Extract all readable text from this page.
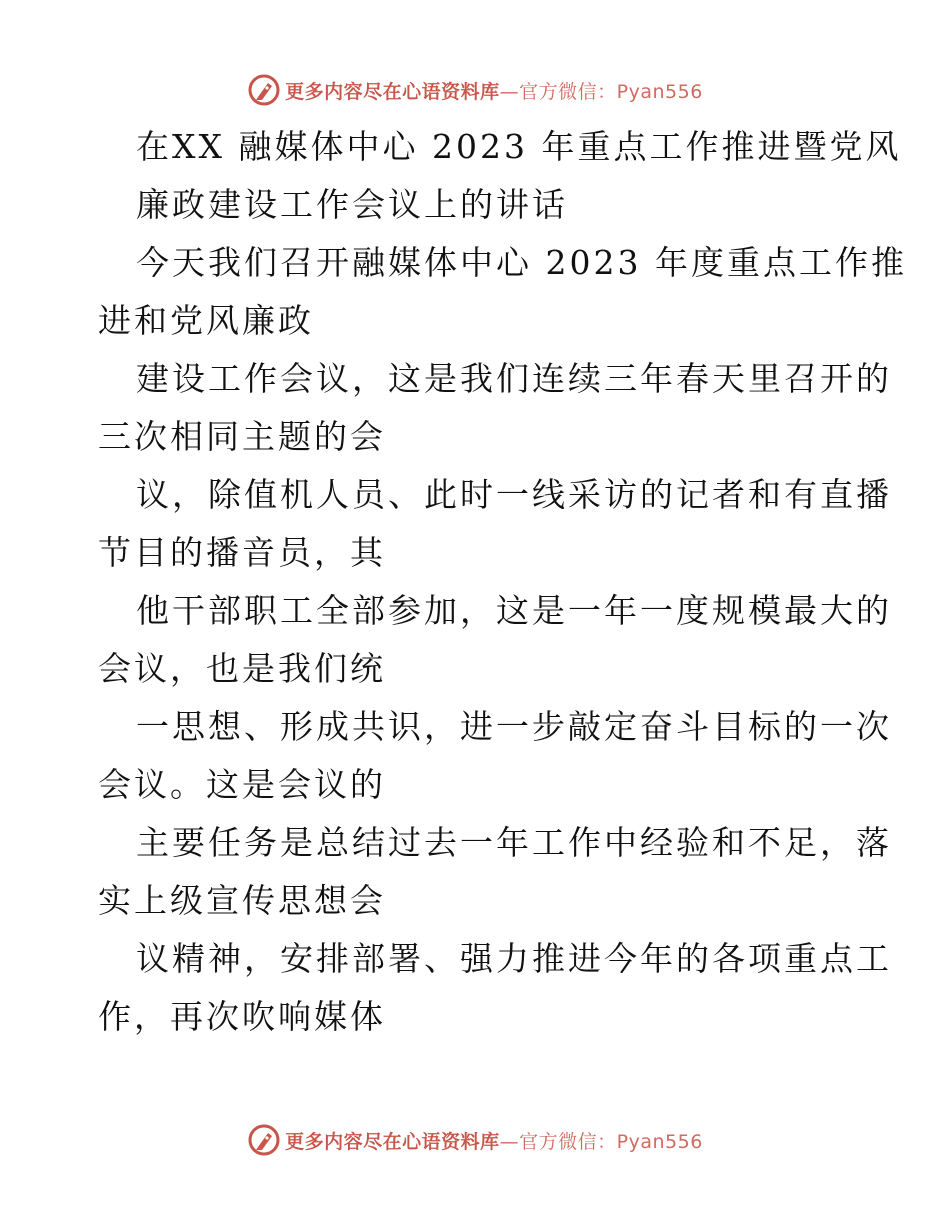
更多内容尽在心语资料库—官方微信：Pyan556
在XX 融媒体中心 2023 年重点工作推进暨党风
廉政建设工作会议上的讲话
今天我们召开融媒体中心 2023 年度重点工作推
进和党风廉政
建设工作会议，这是我们连续三年春天里召开的
三次相同主题的会
议，除值机人员、此时一线采访的记者和有直播
节目的播音员，其
他干部职工全部参加，这是一年一度规模最大的
会议，也是我们统
一思想、形成共识，进一步敲定奋斗目标的一次
会议。这是会议的
主要任务是总结过去一年工作中经验和不足，落
实上级宣传思想会
议精神，安排部署、强力推进今年的各项重点工
作，再次吹响媒体
更多内容尽在心语资料库—官方微信：Pyan556
